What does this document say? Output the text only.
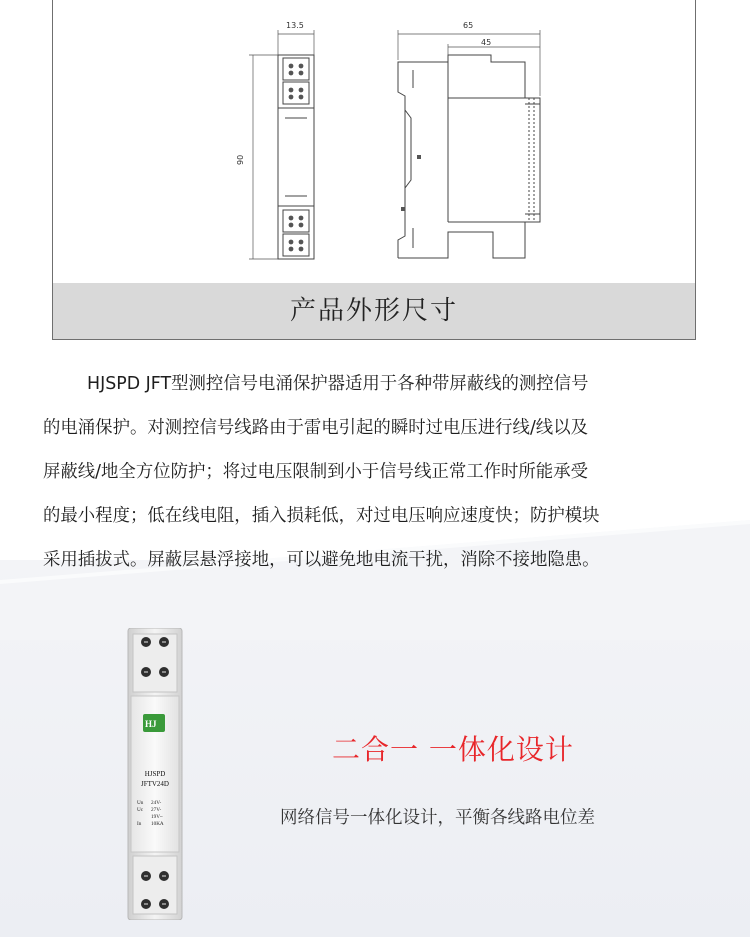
13.5
90
65
45
产品外形尺寸

HJSPD JFT型测控信号电涌保护器适用于各种带屏蔽线的测控信号
的电涌保护。对测控信号线路由于雷电引起的瞬时过电压进行线/线以及
屏蔽线/地全方位防护；将过电压限制到小于信号线正常工作时所能承受
的最小程度；低在线电阻，插入损耗低，对过电压响应速度快；防护模块
采用插拔式。屏蔽层悬浮接地，可以避免地电流干扰，消除不接地隐患。

HJ
HJSPD
JFTV24D
Un 24V-
Uc 27V-
19V~
In 10KA
二合一 一体化设计
网络信号一体化设计，平衡各线路电位差
